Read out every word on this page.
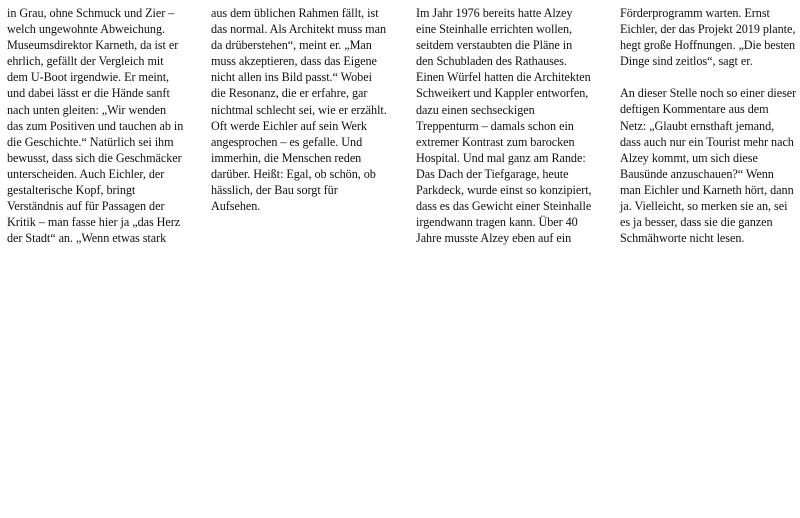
in Grau, ohne Schmuck und Zier –
welch ungewohnte Abweichung.
Museumsdirektor Karneth, da ist er
ehrlich, gefällt der Vergleich mit
dem U-Boot irgendwie. Er meint,
und dabei lässt er die Hände sanft
nach unten gleiten: „Wir wenden
das zum Positiven und tauchen ab in
die Geschichte.“ Natürlich sei ihm
bewusst, dass sich die Geschmäcker
unterscheiden. Auch Eichler, der
gestalterische Kopf, bringt
Verständnis auf für Passagen der
Kritik – man fasse hier ja „das Herz
der Stadt“ an. „Wenn etwas stark

aus dem üblichen Rahmen fällt, ist
das normal. Als Architekt muss man
da drüberstehen“, meint er. „Man
muss akzeptieren, dass das Eigene
nicht allen ins Bild passt.“ Wobei
die Resonanz, die er erfahre, gar
nichtmal schlecht sei, wie er erzählt.
Oft werde Eichler auf sein Werk
angesprochen – es gefalle. Und
immerhin, die Menschen reden
darüber. Heißt: Egal, ob schön, ob
hässlich, der Bau sorgt für
Aufsehen.

Im Jahr 1976 bereits hatte Alzey
eine Steinhalle errichten wollen,
seitdem verstaubten die Pläne in
den Schubladen des Rathauses.
Einen Würfel hatten die Architekten
Schweikert und Kappler entworfen,
dazu einen sechseckigen
Treppenturm – damals schon ein
extremer Kontrast zum barocken
Hospital. Und mal ganz am Rande:
Das Dach der Tiefgarage, heute
Parkdeck, wurde einst so konzipiert,
dass es das Gewicht einer Steinhalle
irgendwann tragen kann. Über 40
Jahre musste Alzey eben auf ein

Förderprogramm warten. Ernst
Eichler, der das Projekt 2019 plante,
hegt große Hoffnungen. „Die besten
Dinge sind zeitlos“, sagt er.

An dieser Stelle noch so einer dieser
deftigen Kommentare aus dem
Netz: „Glaubt ernsthaft jemand,
dass auch nur ein Tourist mehr nach
Alzey kommt, um sich diese
Bausünde anzuschauen?“ Wenn
man Eichler und Karneth hört, dann
ja. Vielleicht, so merken sie an, sei
es ja besser, dass sie die ganzen
Schmähworte nicht lesen.
